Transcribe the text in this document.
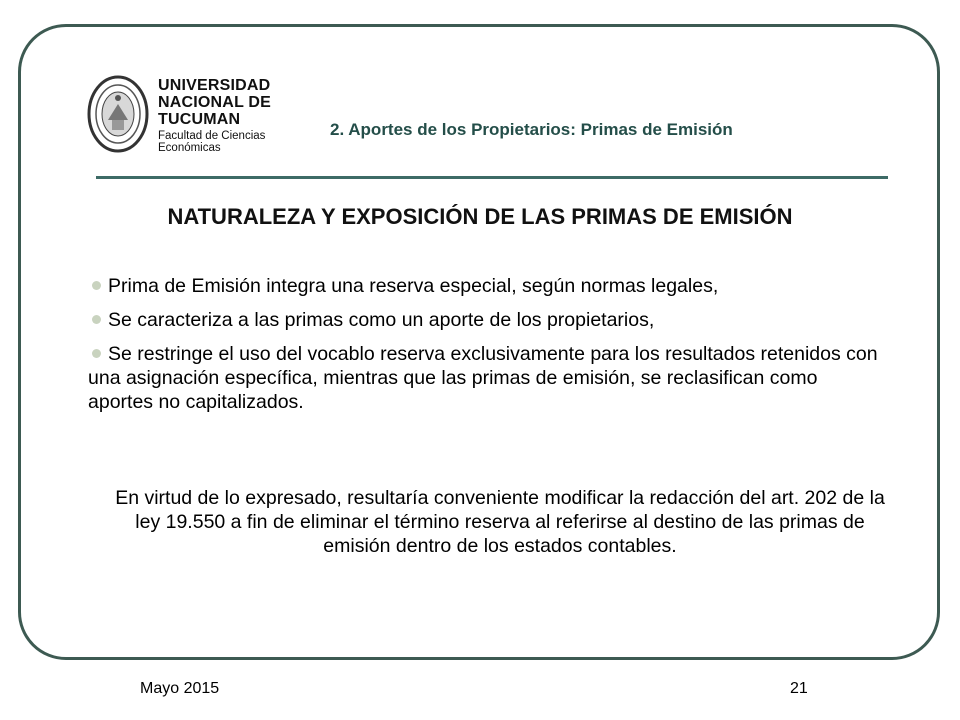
UNIVERSIDAD
NACIONAL DE
TUCUMAN
Facultad de Ciencias Económicas
2. Aportes de los Propietarios: Primas de Emisión
NATURALEZA Y EXPOSICIÓN DE LAS PRIMAS DE EMISIÓN
Prima de Emisión integra una reserva especial, según normas legales,
Se caracteriza a las primas como un aporte de los propietarios,
Se restringe el uso del vocablo reserva exclusivamente para los resultados retenidos con una asignación específica, mientras que las primas de emisión, se reclasifican como aportes no capitalizados.

En virtud de lo expresado, resultaría conveniente modificar la redacción del art. 202 de la ley 19.550 a fin de eliminar el término reserva al referirse al destino de las primas de emisión dentro de los estados contables.

Mayo 2015	21
